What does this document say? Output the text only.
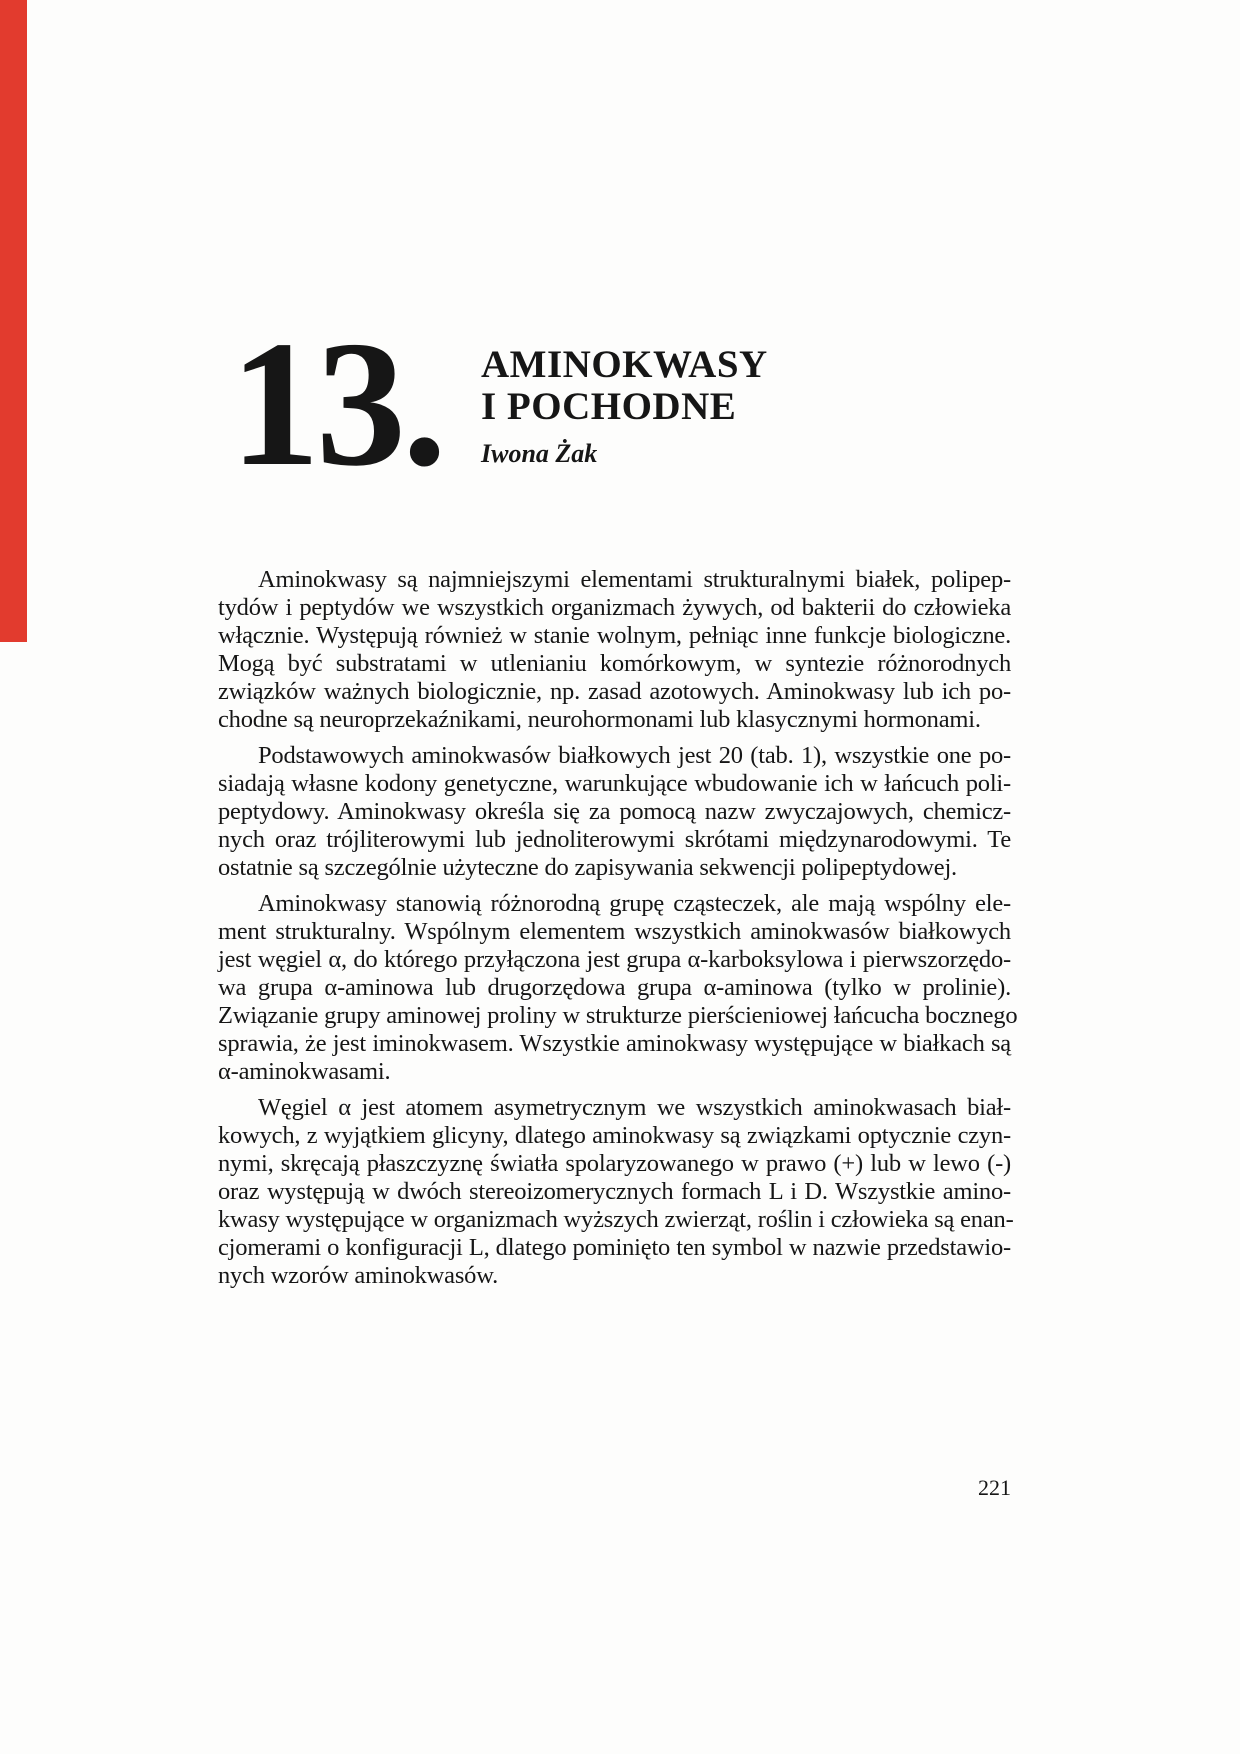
13. AMINOKWASY
I POCHODNE
Iwona Żak
Aminokwasy są najmniejszymi elementami strukturalnymi białek, polipep-
tydów i peptydów we wszystkich organizmach żywych, od bakterii do człowieka
włącznie. Występują również w stanie wolnym, pełniąc inne funkcje biologiczne.
Mogą być substratami w utlenianiu komórkowym, w syntezie różnorodnych
związków ważnych biologicznie, np. zasad azotowych. Aminokwasy lub ich po-
chodne są neuroprzekaźnikami, neurohormonami lub klasycznymi hormonami.
Podstawowych aminokwasów białkowych jest 20 (tab. 1), wszystkie one po-
siadają własne kodony genetyczne, warunkujące wbudowanie ich w łańcuch poli-
peptydowy. Aminokwasy określa się za pomocą nazw zwyczajowych, chemicz-
nych oraz trójliterowymi lub jednoliterowymi skrótami międzynarodowymi. Te
ostatnie są szczególnie użyteczne do zapisywania sekwencji polipeptydowej.
Aminokwasy stanowią różnorodną grupę cząsteczek, ale mają wspólny ele-
ment strukturalny. Wspólnym elementem wszystkich aminokwasów białkowych
jest węgiel α, do którego przyłączona jest grupa α-karboksylowa i pierwszorzędo-
wa grupa α-aminowa lub drugorzędowa grupa α-aminowa (tylko w prolinie).
Związanie grupy aminowej proliny w strukturze pierścieniowej łańcucha bocznego
sprawia, że jest iminokwasem. Wszystkie aminokwasy występujące w białkach są
α-aminokwasami.
Węgiel α jest atomem asymetrycznym we wszystkich aminokwasach biał-
kowych, z wyjątkiem glicyny, dlatego aminokwasy są związkami optycznie czyn-
nymi, skręcają płaszczyznę światła spolaryzowanego w prawo (+) lub w lewo (-)
oraz występują w dwóch stereoizomerycznych formach L i D. Wszystkie amino-
kwasy występujące w organizmach wyższych zwierząt, roślin i człowieka są enan-
cjomerami o konfiguracji L, dlatego pominięto ten symbol w nazwie przedstawio-
nych wzorów aminokwasów.
221
